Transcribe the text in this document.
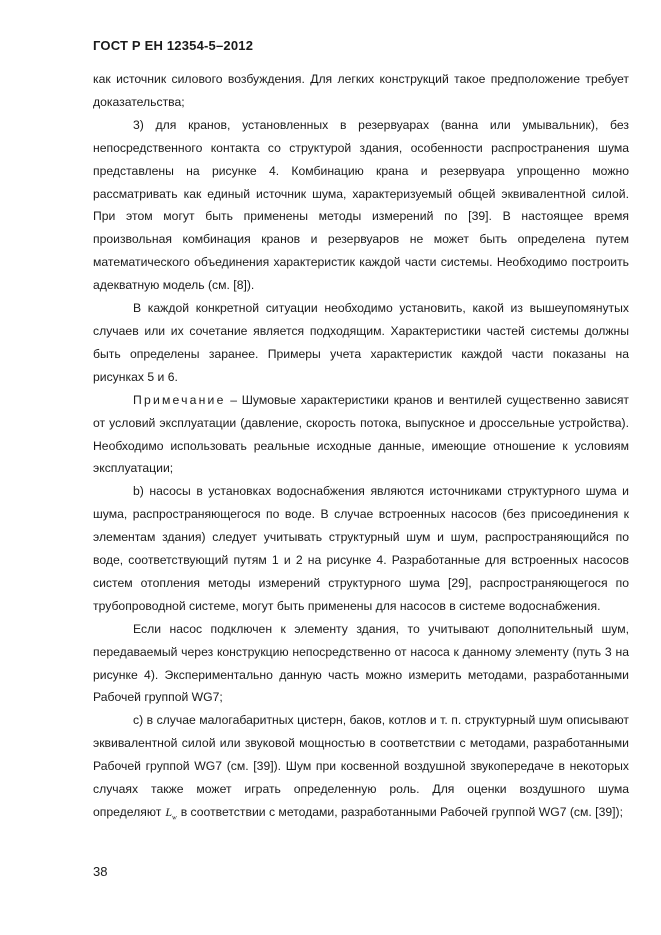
ГОСТ Р ЕН 12354-5–2012

как источник силового возбуждения. Для легких конструкций такое предположение требует доказательства;

3) для кранов, установленных в резервуарах (ванна или умывальник), без непосредственного контакта со структурой здания, особенности распространения шума представлены на рисунке 4. Комбинацию крана и резервуара упрощенно можно рассматривать как единый источник шума, характеризуемый общей эквивалентной силой. При этом могут быть применены методы измерений по [39]. В настоящее время произвольная комбинация кранов и резервуаров не может быть определена путем математического объединения характеристик каждой части системы. Необходимо построить адекватную модель (см. [8]).

В каждой конкретной ситуации необходимо установить, какой из вышеупомянутых случаев или их сочетание является подходящим. Характеристики частей системы должны быть определены заранее. Примеры учета характеристик каждой части показаны на рисунках 5 и 6.

Примечание – Шумовые характеристики кранов и вентилей существенно зависят от условий эксплуатации (давление, скорость потока, выпускное и дроссельные устройства). Необходимо использовать реальные исходные данные, имеющие отношение к условиям эксплуатации;

b) насосы в установках водоснабжения являются источниками структурного шума и шума, распространяющегося по воде. В случае встроенных насосов (без присоединения к элементам здания) следует учитывать структурный шум и шум, распространяющийся по воде, соответствующий путям 1 и 2 на рисунке 4. Разработанные для встроенных насосов систем отопления методы измерений структурного шума [29], распространяющегося по трубопроводной системе, могут быть применены для насосов в системе водоснабжения.

Если насос подключен к элементу здания, то учитывают дополнительный шум, передаваемый через конструкцию непосредственно от насоса к данному элементу (путь 3 на рисунке 4). Экспериментально данную часть можно измерить методами, разработанными Рабочей группой WG7;

c) в случае малогабаритных цистерн, баков, котлов и т. п. структурный шум описывают эквивалентной силой или звуковой мощностью в соответствии с методами, разработанными Рабочей группой WG7 (см. [39]). Шум при косвенной воздушной звукопередаче в некоторых случаях также может играть определенную роль. Для оценки воздушного шума определяют $L_w$ в соответствии с методами, разработанными Рабочей группой WG7 (см. [39]);

38
